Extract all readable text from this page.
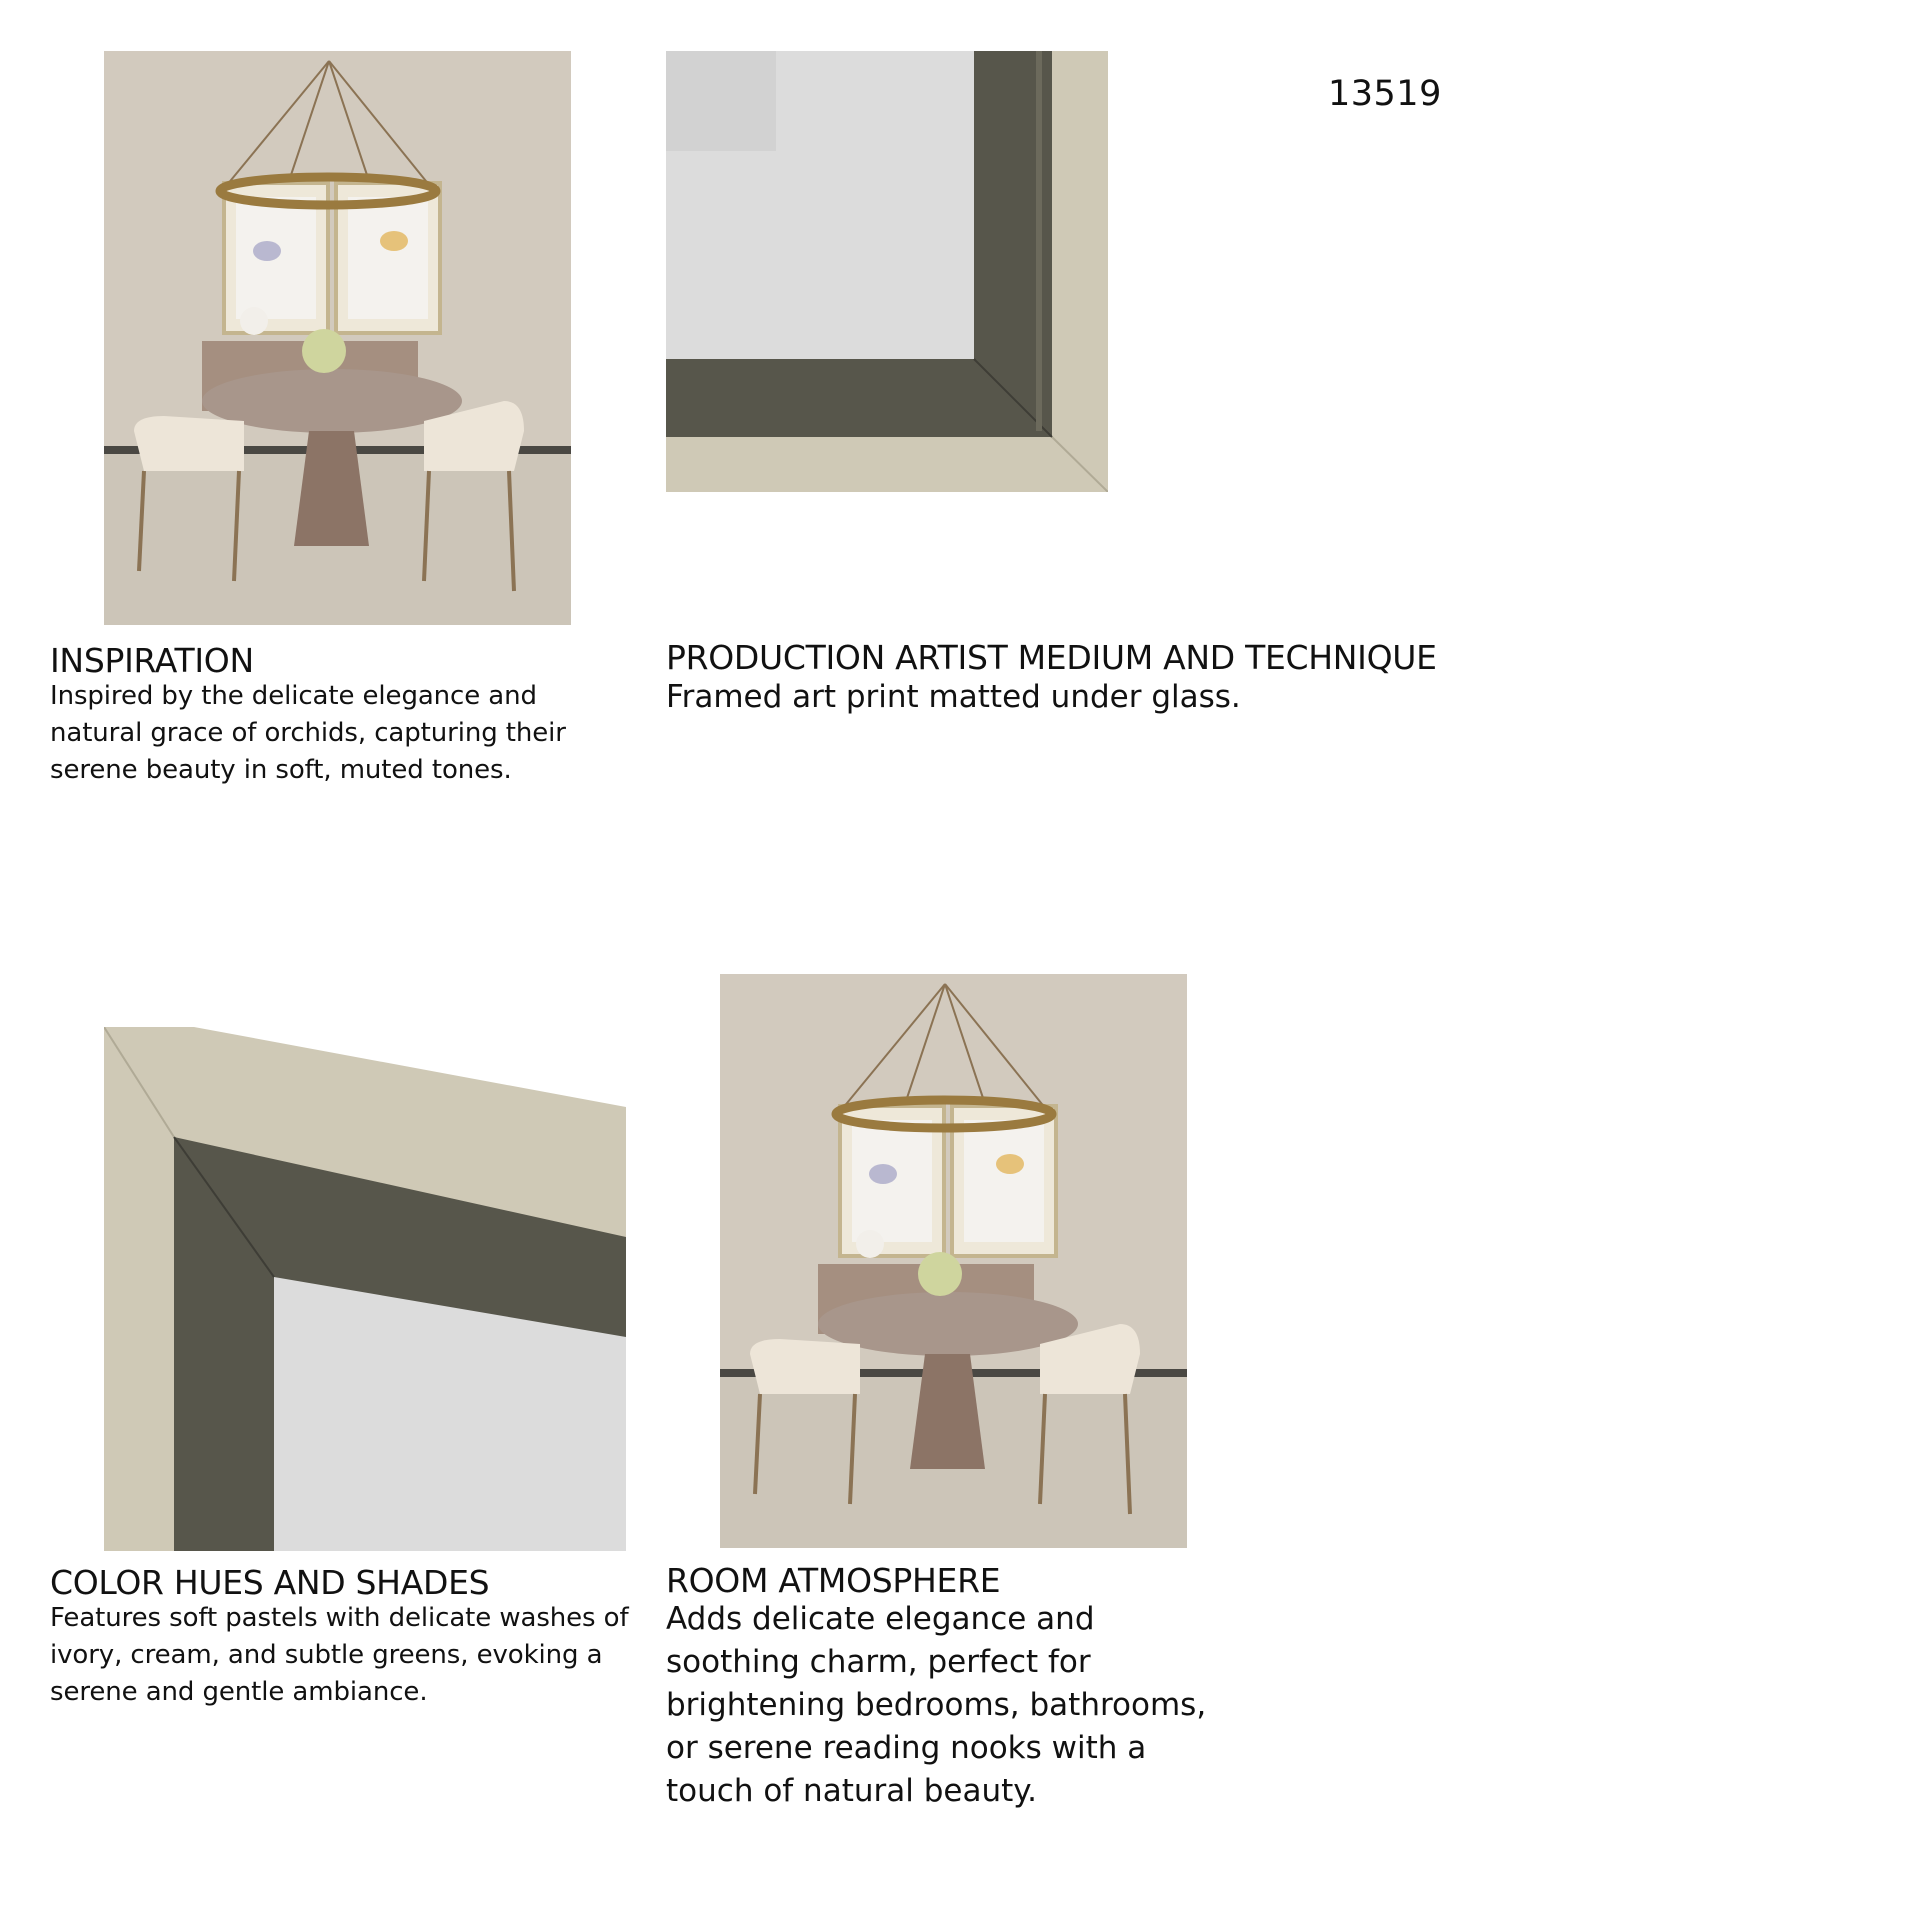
13519
INSPIRATION
Inspired by the delicate elegance and natural grace of orchids, capturing their serene beauty in soft, muted tones.
PRODUCTION ARTIST MEDIUM AND TECHNIQUE
Framed art print matted under glass.
COLOR HUES AND SHADES
Features soft pastels with delicate washes of ivory, cream, and subtle greens, evoking a serene and gentle ambiance.
ROOM ATMOSPHERE
Adds delicate elegance and soothing charm, perfect for brightening bedrooms, bathrooms, or serene reading nooks with a touch of natural beauty.
